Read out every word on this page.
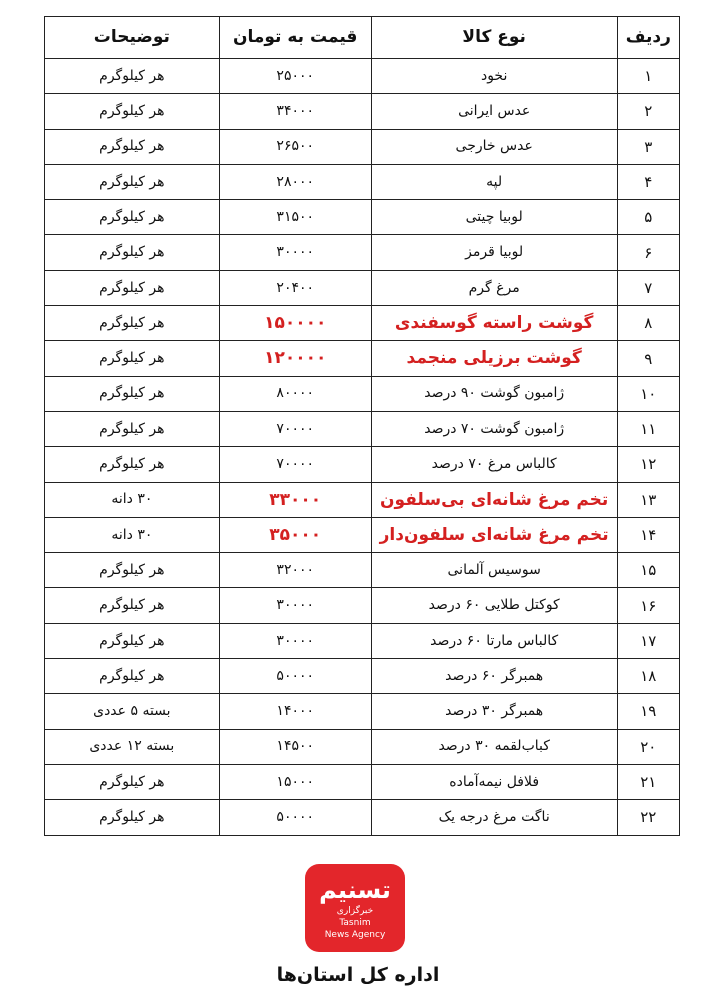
ردیف	نوع کالا	قیمت به تومان	توضیحات
۱	نخود	۲۵۰۰۰	هر کیلوگرم
۲	عدس ایرانی	۳۴۰۰۰	هر کیلوگرم
۳	عدس خارجی	۲۶۵۰۰	هر کیلوگرم
۴	لپه	۲۸۰۰۰	هر کیلوگرم
۵	لوبیا چیتی	۳۱۵۰۰	هر کیلوگرم
۶	لوبیا قرمز	۳۰۰۰۰	هر کیلوگرم
۷	مرغ گرم	۲۰۴۰۰	هر کیلوگرم
۸	گوشت راسته گوسفندی	۱۵۰۰۰۰	هر کیلوگرم
۹	گوشت برزیلی منجمد	۱۲۰۰۰۰	هر کیلوگرم
۱۰	ژامبون گوشت ۹۰ درصد	۸۰۰۰۰	هر کیلوگرم
۱۱	ژامبون گوشت ۷۰ درصد	۷۰۰۰۰	هر کیلوگرم
۱۲	کالباس مرغ ۷۰ درصد	۷۰۰۰۰	هر کیلوگرم
۱۳	تخم مرغ شانه‌ای بی‌سلفون	۳۳۰۰۰	۳۰ دانه
۱۴	تخم مرغ شانه‌ای سلفون‌دار	۳۵۰۰۰	۳۰ دانه
۱۵	سوسیس آلمانی	۳۲۰۰۰	هر کیلوگرم
۱۶	کوکتل طلایی ۶۰ درصد	۳۰۰۰۰	هر کیلوگرم
۱۷	کالباس مارتا ۶۰ درصد	۳۰۰۰۰	هر کیلوگرم
۱۸	همبرگر ۶۰ درصد	۵۰۰۰۰	هر کیلوگرم
۱۹	همبرگر ۳۰ درصد	۱۴۰۰۰	بسته ۵ عددی
۲۰	کباب‌لقمه ۳۰ درصد	۱۴۵۰۰	بسته ۱۲ عددی
۲۱	فلافل نیمه‌آماده	۱۵۰۰۰	هر کیلوگرم
۲۲	ناگت مرغ درجه یک	۵۰۰۰۰	هر کیلوگرم
تسنیم
خبرگزاری
Tasnim
News Agency
اداره کل استان‌ها
